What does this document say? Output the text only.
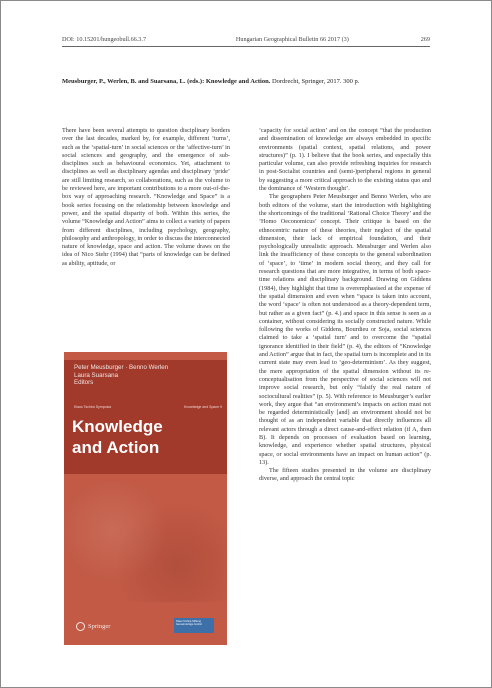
DOI: 10.15201/hungeobull.66.3.7	Hungarian Geographical Bulletin 66 2017 (3)	269
Meusburger, P., Werlen, B. and Suarsana, L. (eds.): Knowledge and Action. Dordrecht, Springer, 2017. 300 p.

There have been several attempts to question disciplinary borders over the last decades, marked by, for example, different ‘turns’, such as the ‘spatial-turn’ in social sciences or the ‘affective-turn’ in social sciences and geography, and the emergence of sub-disciplines such as behavioural economics. Yet, attachment to disciplines as well as disciplinary agendas and disciplinary ‘pride’ are still limiting research, so collaborations, such as the volume to be reviewed here, are important contributions to a more out-of-the-box way of approaching research. “Knowledge and Space” is a book series focusing on the relationship between knowledge and power, and the spatial disparity of both. Within this series, the volume “Knowledge and Action” aims to collect a variety of papers from different disciplines, including psychology, geography, philosophy and anthropology, in order to discuss the interconnected nature of knowledge, space and action. The volume draws on the idea of Nico Stehr (1994) that “parts of knowledge can be defined as ability, aptitude, or

Peter Meusburger · Benno Werlen
Laura Suarsana
Editors
Klaus Tschira Symposia	Knowledge and Space 9
Knowledge
and Action
Springer
Klaus Tschira Stiftung Gemeinnützige GmbH

‘capacity for social action’ and on the concept “that the production and dissemination of knowledge are always embedded in specific environments (spatial context, spatial relations, and power structures)” (p. 1). I believe that the book series, and especially this particular volume, can also provide refreshing inquiries for research in post-Socialist countries and (semi-)peripheral regions in general by suggesting a more critical approach to the existing status quo and the dominance of ‘Western thought’.

The geographers Peter Meusburger and Benno Werlen, who are both editors of the volume, start the introduction with highlighting the shortcomings of the traditional ‘Rational Choice Theory’ and the ‘Homo Oeconomicus’ concept. Their critique is based on the ethnocentric nature of these theories, their neglect of the spatial dimension, their lack of empirical foundation, and their psychologically unrealistic approach. Meusburger and Werlen also link the insufficiency of these concepts to the general subordination of ‘space’, to ‘time’ in modern social theory, and they call for research questions that are more integrative, in terms of both space-time relations and disciplinary background. Drawing on Giddens (1984), they highlight that time is overemphasised at the expense of the spatial dimension and even when “space is taken into account, the word ‘space’ is often not understood as a theory-dependent term, but rather as a given fact” (p. 4.) and space in this sense is seen as a container, without considering its socially constructed nature. While following the works of Giddens, Bourdieu or Soja, social sciences claimed to take a ‘spatial turn’ and to overcome the “spatial ignorance identified in their field” (p. 4), the editors of “Knowledge and Action” argue that in fact, the spatial turn is incomplete and in its current state may even lead to ‘geo-determinism’. As they suggest, the mere appropriation of the spatial dimension without its re-conceptualisation from the perspective of social sciences will not improve social research, but only “falsify the real nature of sociocultural realities” (p. 5). With reference to Meusburger’s earlier work, they argue that “an environment’s impacts on action must not be regarded deterministically [and] an environment should not be thought of as an independent variable that directly influences all relevant actors through a direct cause-and-effect relation (if A, then B). It depends on processes of evaluation based on learning, knowledge, and experience whether spatial structures, physical space, or social environments have an impact on human action” (p. 13).

The fifteen studies presented in the volume are disciplinary diverse, and approach the central topic
